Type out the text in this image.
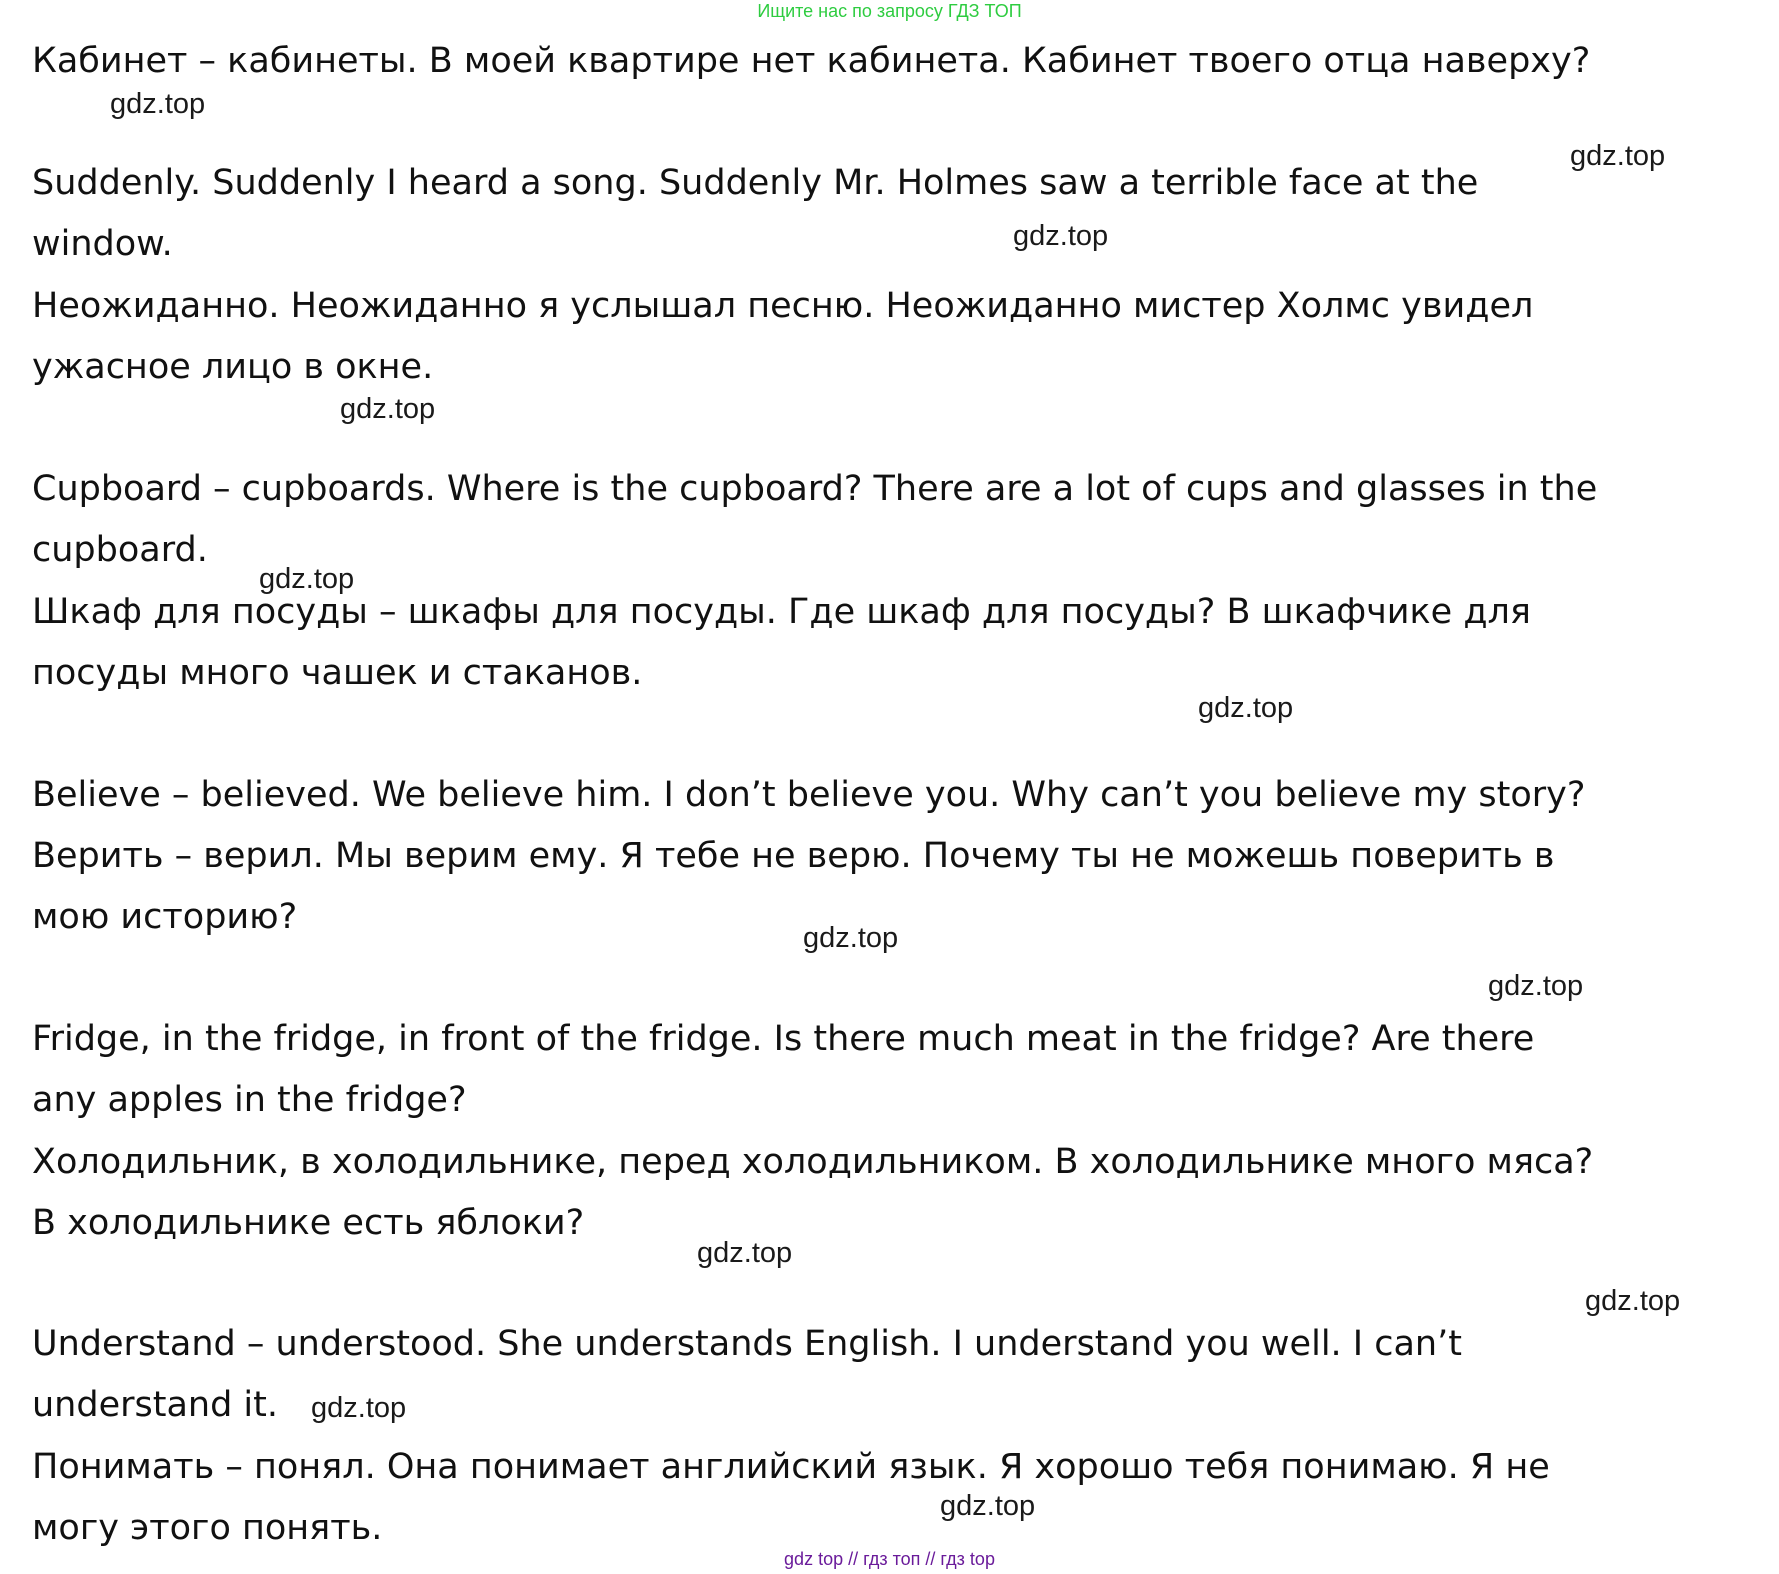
Ищите нас по запросу ГДЗ ТОП
Кабинет – кабинеты. В моей квартире нет кабинета. Кабинет твоего отца наверху?
Suddenly. Suddenly I heard a song. Suddenly Mr. Holmes saw a terrible face at the
window.
Неожиданно. Неожиданно я услышал песню. Неожиданно мистер Холмс увидел
ужасное лицо в окне.
Cupboard – cupboards. Where is the cupboard? There are a lot of cups and glasses in the
cupboard.
Шкаф для посуды – шкафы для посуды. Где шкаф для посуды? В шкафчике для
посуды много чашек и стаканов.
Believe – believed. We believe him. I don’t believe you. Why can’t you believe my story?
Верить – верил. Мы верим ему. Я тебе не верю. Почему ты не можешь поверить в
мою историю?
Fridge, in the fridge, in front of the fridge. Is there much meat in the fridge? Are there
any apples in the fridge?
Холодильник, в холодильнике, перед холодильником. В холодильнике много мяса?
В холодильнике есть яблоки?
Understand – understood. She understands English. I understand you well. I can’t
understand it.
Понимать – понял. Она понимает английский язык. Я хорошо тебя понимаю. Я не
могу этого понять.
gdz.top
gdz.top
gdz.top
gdz.top
gdz.top
gdz.top
gdz.top
gdz.top
gdz.top
gdz.top
gdz.top
gdz.top
gdz top // гдз топ // гдз top
